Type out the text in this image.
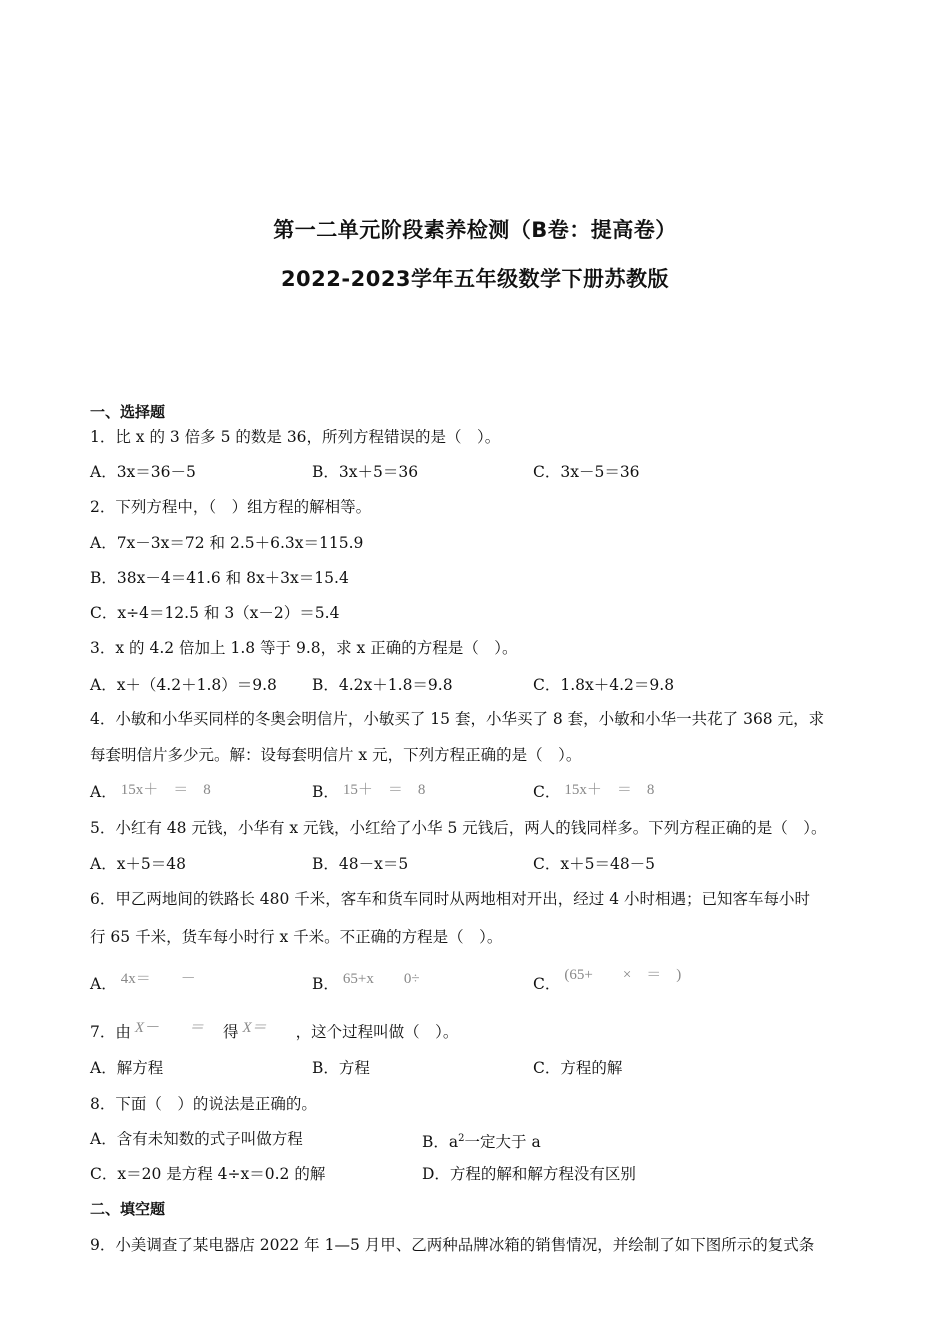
第一二单元阶段素养检测（B卷：提高卷）
2022-2023学年五年级数学下册苏教版
一、选择题
1．比 x 的 3 倍多 5 的数是 36，所列方程错误的是（　）。
A．3x＝36－5	B．3x＋5＝36	C．3x－5＝36
2．下列方程中，（　）组方程的解相等。
A．7x－3x＝72 和 2.5＋6.3x＝115.9
B．38x－4＝41.6 和 8x＋3x＝15.4
C．x÷4＝12.5 和 3（x－2）＝5.4
3．x 的 4.2 倍加上 1.8 等于 9.8，求 x 正确的方程是（　）。
A．x＋（4.2＋1.8）＝9.8 B．4.2x＋1.8＝9.8	C．1.8x＋4.2＝9.8
4．小敏和小华买同样的冬奥会明信片，小敏买了 15 套，小华买了 8 套，小敏和小华一共花了 368 元，求
每套明信片多少元。解：设每套明信片 x 元，下列方程正确的是（　）。
A． 15x＋　＝　8	B． 15＋　＝　8	C． 15x＋　＝　8
5．小红有 48 元钱，小华有 x 元钱，小红给了小华 5 元钱后，两人的钱同样多。下列方程正确的是（　）。
A．x＋5＝48	B．48－x＝5	C．x＋5＝48－5
6．甲乙两地间的铁路长 480 千米，客车和货车同时从两地相对开出，经过 4 小时相遇；已知客车每小时
行 65 千米，货车每小时行 x 千米。不正确的方程是（　）。
A． 4x＝　　－	B． 65+x　　0÷	C． (65+　　×　＝　)
7．由 X－　　＝ 得 X＝ ，这个过程叫做（　）。
A．解方程	B．方程	C．方程的解
8．下面（　）的说法是正确的。
A．含有未知数的式子叫做方程	B．$a^2$一定大于 a
C．x＝20 是方程 4÷x＝0.2 的解	D．方程的解和解方程没有区别
二、填空题
9．小美调查了某电器店 2022 年 1—5 月甲、乙两种品牌冰箱的销售情况，并绘制了如下图所示的复式条
